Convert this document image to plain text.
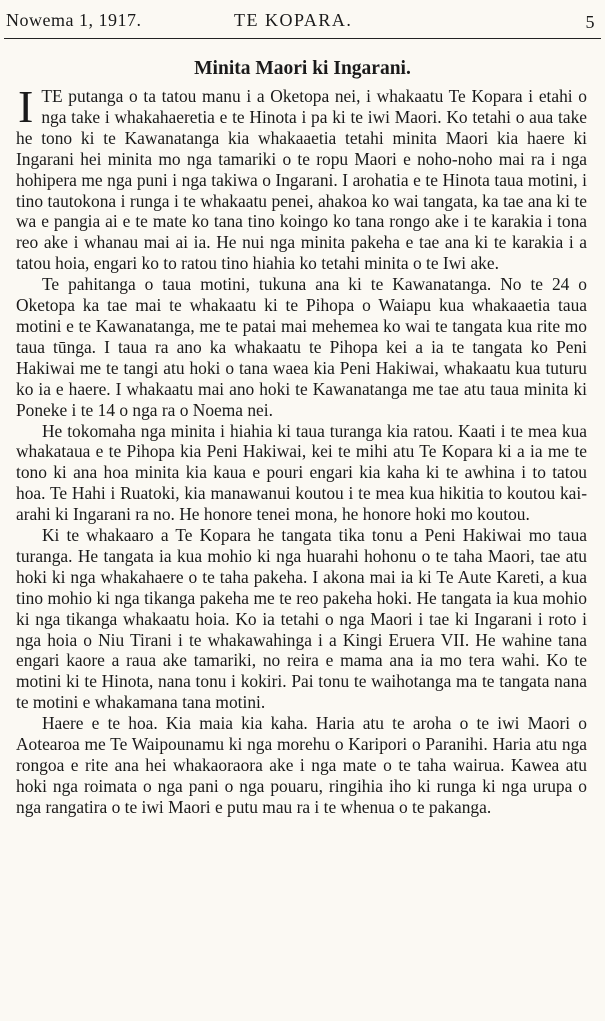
Nowema 1, 1917.	TE KOPARA.	5
Minita Maori ki Ingarani.

ITE putanga o ta tatou manu i a Oketopa nei, i whakaatu Te Kopara i etahi o nga take i whakahaeretia e te Hinota i pa ki te iwi Maori. Ko tetahi o aua take he tono ki te Kawanatanga kia whakaaetia tetahi minita Maori kia haere ki Ingarani hei minita mo nga tamariki o te ropu Maori e noho-noho mai ra i nga hohipera me nga puni i nga takiwa o Ingarani. I arohatia e te Hinota taua motini, i tino tautokona i runga i te whakaatu penei, ahakoa ko wai tangata, ka tae ana ki te wa e pangia ai e te mate ko tana tino koingo ko tana rongo ake i te karakia i tona reo ake i whanau mai ai ia. He nui nga minita pakeha e tae ana ki te karakia i a tatou hoia, engari ko to ratou tino hiahia ko tetahi minita o te Iwi ake.

Te pahitanga o taua motini, tukuna ana ki te Kawanatanga. No te 24 o Oketopa ka tae mai te whakaatu ki te Pihopa o Waiapu kua whakaaetia taua motini e te Kawanatanga, me te patai mai mehemea ko wai te tangata kua rite mo taua tūnga. I taua ra ano ka whakaatu te Pihopa kei a ia te tangata ko Peni Hakiwai me te tangi atu hoki o tana waea kia Peni Hakiwai, whakaatu kua tuturu ko ia e haere. I whakaatu mai ano hoki te Kawanatanga me tae atu taua minita ki Poneke i te 14 o nga ra o Noema nei.

He tokomaha nga minita i hiahia ki taua turanga kia ratou. Kaati i te mea kua whakataua e te Pihopa kia Peni Hakiwai, kei te mihi atu Te Kopara ki a ia me te tono ki ana hoa minita kia kaua e pouri engari kia kaha ki te awhina i to tatou hoa. Te Hahi i Ruatoki, kia manawanui koutou i te mea kua hikitia to koutou kai-arahi ki Ingarani ra no. He honore tenei mona, he honore hoki mo koutou.

Ki te whakaaro a Te Kopara he tangata tika tonu a Peni Hakiwai mo taua turanga. He tangata ia kua mohio ki nga huarahi hohonu o te taha Maori, tae atu hoki ki nga whakahaere o te taha pakeha. I akona mai ia ki Te Aute Kareti, a kua tino mohio ki nga tikanga pakeha me te reo pakeha hoki. He tangata ia kua mohio ki nga tikanga whakaatu hoia. Ko ia tetahi o nga Maori i tae ki Ingarani i roto i nga hoia o Niu Tirani i te whakawahinga i a Kingi Eruera VII. He wahine tana engari kaore a raua ake tamariki, no reira e mama ana ia mo tera wahi. Ko te motini ki te Hinota, nana tonu i kokiri. Pai tonu te waihotanga ma te tangata nana te motini e whakamana tana motini.

Haere e te hoa. Kia maia kia kaha. Haria atu te aroha o te iwi Maori o Aotearoa me Te Waipounamu ki nga morehu o Karipori o Paranihi. Haria atu nga rongoa e rite ana hei whakaoraora ake i nga mate o te taha wairua. Kawea atu hoki nga roimata o nga pani o nga pouaru, ringihia iho ki runga ki nga urupa o nga rangatira o te iwi Maori e putu mau ra i te whenua o te pakanga.
